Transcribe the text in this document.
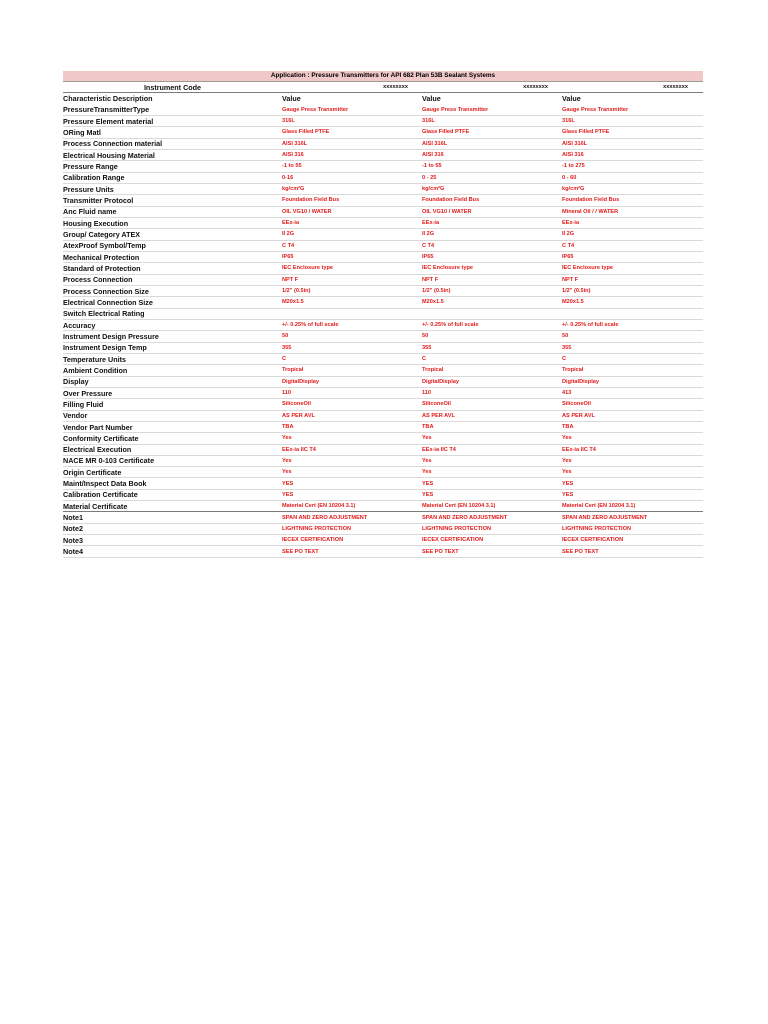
Application : Pressure Transmitters for API 682 Plan 53B Sealant Systems
Instrument Code	xxxxxxxx	xxxxxxxx	xxxxxxxx
Characteristic Description	Value	Value	Value
PressureTransmitterType	Gauge Press Transmitter	Gauge Press Transmitter	Gauge Press Transmitter
Pressure Element material	316L	316L	316L
ORing Matl	Glass Filled PTFE	Glass Filled PTFE	Glass Filled PTFE
Process Connection material	AISI 316L	AISI 316L	AISI 316L
Electrical Housing Material	AISI 316	AISI 316	AISI 316
Pressure Range	-1 to 55	-1 to 55	-1 to 275
Calibration Range	0-16	0 - 25	0 - 60
Pressure Units	kg/cm²G	kg/cm²G	kg/cm²G
Transmitter Protocol	Foundation Field Bus	Foundation Field Bus	Foundation Field Bus
Anc Fluid name	OIL VG10 / WATER	OIL VG10 / WATER	Mineral Oil / / WATER
Housing Execution	EEx-ia	EEx-ia	EEx-ia
Group/ Category ATEX	II 2G	II 2G	II 2G
AtexProof Symbol/Temp	C T4	C T4	C T4
Mechanical Protection	IP65	IP65	IP65
Standard of Protection	IEC Enclosure type	IEC Enclosure type	IEC Enclosure type
Process Connection	NPT F	NPT F	NPT F
Process Connection Size	1/2" (0.5in)	1/2" (0.5in)	1/2" (0.5in)
Electrical Connection Size	M20x1.5	M20x1.5	M20x1.5
Switch Electrical Rating
Accuracy	+/- 0.25% of full scale	+/- 0.25% of full scale	+/- 0.25% of full scale
Instrument Design Pressure	50	50	50
Instrument Design Temp	355	355	355
Temperature Units	C	C	C
Ambient Condition	Tropical	Tropical	Tropical
Display	DigitalDisplay	DigitalDisplay	DigitalDisplay
Over Pressure	110	110	413
Filling Fluid	SiliconeOil	SiliconeOil	SiliconeOil
Vendor	AS PER AVL	AS PER AVL	AS PER AVL
Vendor Part Number	TBA	TBA	TBA
Conformity Certificate	Yes	Yes	Yes
Electrical Execution	EEx-ia IIC T4	EEx-ia IIC T4	EEx-ia IIC T4
NACE MR 0-103 Certificate	Yes	Yes	Yes
Origin Certificate	Yes	Yes	Yes
Maint/Inspect Data Book	YES	YES	YES
Calibration Certificate	YES	YES	YES
Material Certificate	Material Cert (EN 10204 3.1)	Material Cert (EN 10204 3.1)	Material Cert (EN 10204 3.1)
Note1	SPAN AND ZERO ADJUSTMENT	SPAN AND ZERO ADJUSTMENT	SPAN AND ZERO ADJUSTMENT
Note2	LIGHTNING PROTECTION	LIGHTNING PROTECTION	LIGHTNING PROTECTION
Note3	IECEX CERTIFICATION	IECEX CERTIFICATION	IECEX CERTIFICATION
Note4	SEE PO TEXT	SEE PO TEXT	SEE PO TEXT
